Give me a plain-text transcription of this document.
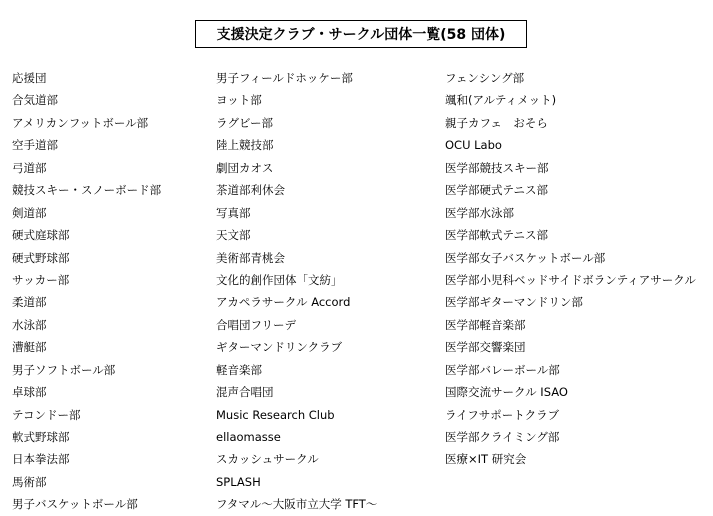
支援決定クラブ・サークル団体一覧(58 団体)
応援団
合気道部
アメリカンフットボール部
空手道部
弓道部
競技スキー・スノーボード部
剣道部
硬式庭球部
硬式野球部
サッカー部
柔道部
水泳部
漕艇部
男子ソフトボール部
卓球部
テコンドー部
軟式野球部
日本拳法部
馬術部
男子バスケットボール部
男子フィールドホッケー部
ヨット部
ラグビー部
陸上競技部
劇団カオス
茶道部利休会
写真部
天文部
美術部青桃会
文化的創作団体「文紡」
アカペラサークル Accord
合唱団フリーデ
ギターマンドリンクラブ
軽音楽部
混声合唱団
Music Research Club
ellaomasse
スカッシュサークル
SPLASH
フタマル～大阪市立大学 TFT～
フェンシング部
颯和(アルティメット)
親子カフェ　おそら
OCU Labo
医学部競技スキー部
医学部硬式テニス部
医学部水泳部
医学部軟式テニス部
医学部女子バスケットボール部
医学部小児科ベッドサイドボランティアサークル
医学部ギターマンドリン部
医学部軽音楽部
医学部交響楽団
医学部バレーボール部
国際交流サークル ISAO
ライフサポートクラブ
医学部クライミング部
医療×IT 研究会
